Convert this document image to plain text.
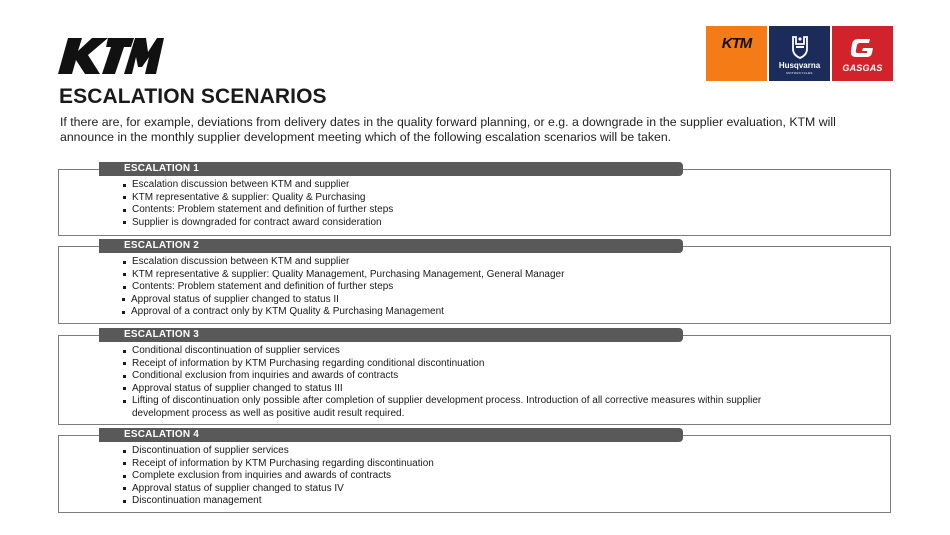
KTM
Husqvarna
MOTORCYCLES	GASGAS
ESCALATION SCENARIOS

If there are, for example, deviations from delivery dates in the quality forward planning, or e.g. a downgrade in the supplier evaluation, KTM will announce in the monthly supplier development meeting which of the following escalation scenarios will be taken.

ESCALATION 1
Escalation discussion between KTM and supplier
KTM representative & supplier: Quality & Purchasing
Contents: Problem statement and definition of further steps
Supplier is downgraded for contract award consideration
ESCALATION 2
Escalation discussion between KTM and supplier
KTM representative & supplier: Quality Management, Purchasing Management, General Manager
Contents: Problem statement and definition of further steps
Approval status of supplier changed to status II
Approval of a contract only by KTM Quality & Purchasing Management
ESCALATION 3
Conditional discontinuation of supplier services
Receipt of information by KTM Purchasing regarding conditional discontinuation
Conditional exclusion from inquiries and awards of contracts
Approval status of supplier changed to status III
Lifting of discontinuation only possible after completion of supplier development process. Introduction of all corrective measures within supplier development process as well as positive audit result required.
ESCALATION 4
Discontinuation of supplier services
Receipt of information by KTM Purchasing regarding discontinuation
Complete exclusion from inquiries and awards of contracts
Approval status of supplier changed to status IV
Discontinuation management
